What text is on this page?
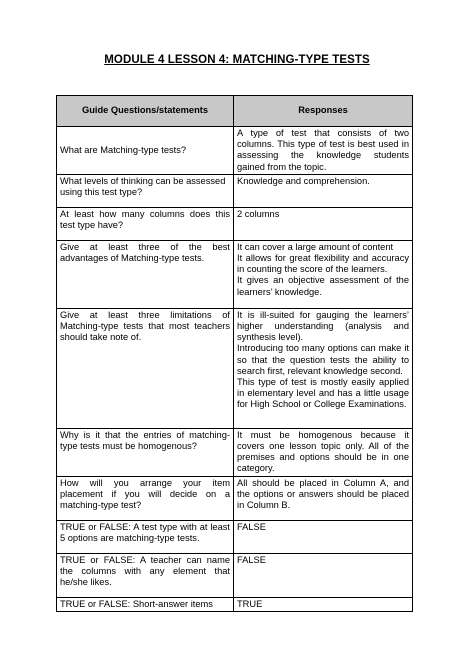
MODULE 4 LESSON 4: MATCHING-TYPE TESTS
Guide Questions/statements	Responses
What are Matching-type tests?	A type of test that consists of two columns. This type of test is best used in assessing the knowledge students gained from the topic.

What levels of thinking can be assessed using this test type?	Knowledge and comprehension.

At least how many columns does this test type have?	2 columns

Give at least three of the best advantages of Matching-type tests.	It can cover a large amount of content
It allows for great flexibility and accuracy in counting the score of the learners.
It gives an objective assessment of the learners’ knowledge.

Give at least three limitations of Matching-type tests that most teachers should take note of.	It is ill-suited for gauging the learners’ higher understanding (analysis and synthesis level).
Introducing too many options can make it so that the question tests the ability to search first, relevant knowledge second.
This type of test is mostly easily applied in elementary level and has a little usage for High School or College Examinations.

Why is it that the entries of matching-type tests must be homogenous?	It must be homogenous because it covers one lesson topic only. All of the premises and options should be in one category.

How will you arrange your item placement if you will decide on a matching-type test?	All should be placed in Column A, and the options or answers should be placed in Column B.

TRUE or FALSE: A test type with at least 5 options are matching-type tests.	FALSE

TRUE or FALSE: A teacher can name the columns with any element that he/she likes.	FALSE

TRUE or FALSE: Short-answer items	TRUE
